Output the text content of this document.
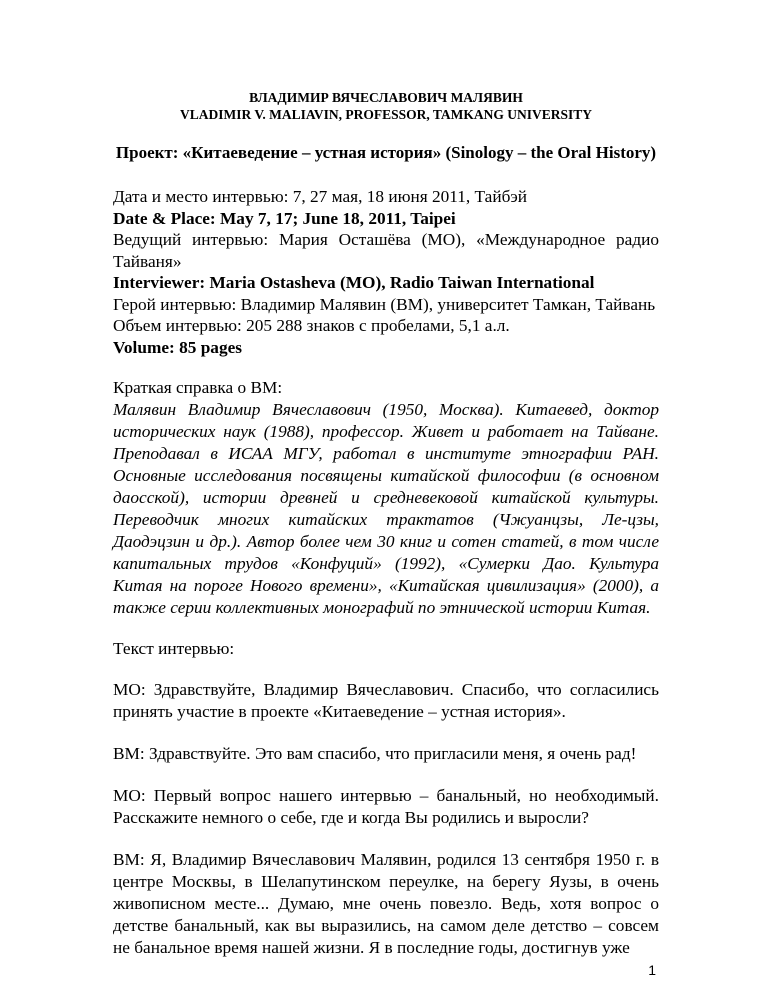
ВЛАДИМИР ВЯЧЕСЛАВОВИЧ МАЛЯВИН

VLADIMIR V. MALIAVIN, PROFESSOR, TAMKANG UNIVERSITY

Проект: «Китаеведение – устная история» (Sinology – the Oral History)

Дата и место интервью: 7, 27 мая, 18 июня 2011, Тайбэй

Date & Place: May 7, 17; June 18, 2011, Taipei

Ведущий интервью: Мария Осташёва (МО), «Международное радио Тайваня»

Interviewer: Maria Ostasheva (MO), Radio Taiwan International

Герой интервью: Владимир Малявин (ВМ), университет Тамкан, Тайвань

Объем интервью: 205 288 знаков с пробелами, 5,1 а.л.

Volume: 85 pages

Краткая справка о ВМ:

Малявин Владимир Вячеславович (1950, Москва). Китаевед, доктор исторических наук (1988), профессор. Живет и работает на Тайване. Преподавал в ИСАА МГУ, работал в институте этнографии РАН. Основные исследования посвящены китайской философии (в основном даосской), истории древней и средневековой китайской культуры. Переводчик многих китайских трактатов (Чжуанцзы, Ле-цзы, Даодэцзин и др.). Автор более чем 30 книг и сотен статей, в том числе капитальных трудов «Конфуций» (1992), «Сумерки Дао. Культура Китая на пороге Нового времени», «Китайская цивилизация» (2000), а также серии коллективных монографий по этнической истории Китая.

Текст интервью:

МО: Здравствуйте, Владимир Вячеславович. Спасибо, что согласились принять участие в проекте «Китаеведение – устная история».

ВМ: Здравствуйте. Это вам спасибо, что пригласили меня, я очень рад!

МО: Первый вопрос нашего интервью – банальный, но необходимый. Расскажите немного о себе, где и когда Вы родились и выросли?

ВМ: Я, Владимир Вячеславович Малявин, родился 13 сентября 1950 г. в центре Москвы, в Шелапутинском переулке, на берегу Яузы, в очень живописном месте... Думаю, мне очень повезло. Ведь, хотя вопрос о детстве банальный, как вы выразились, на самом деле детство – совсем не банальное время нашей жизни. Я в последние годы, достигнув уже

1
